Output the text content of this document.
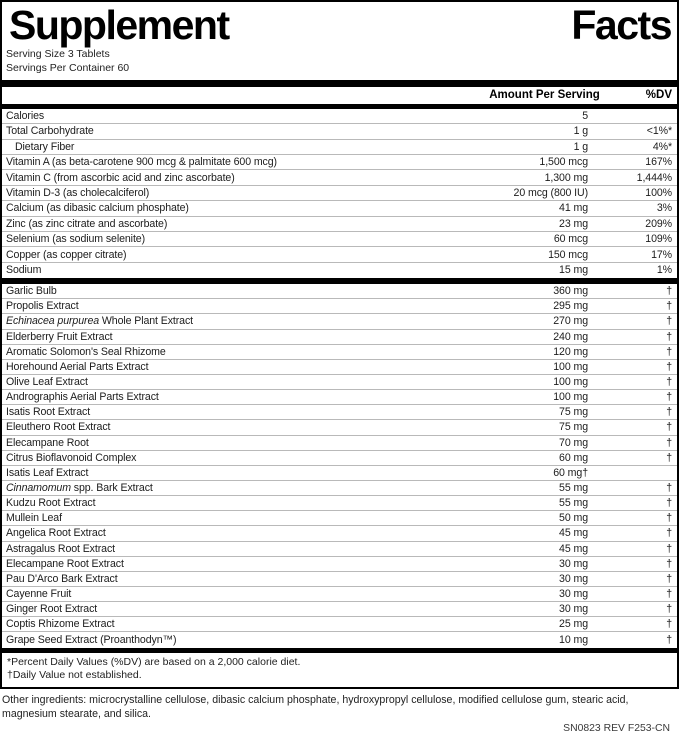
Supplement	Facts
Serving Size 3 Tablets
Servings Per Container 60
Amount Per Serving	%DV
Calories	5
Total Carbohydrate	1 g	<1%*
Dietary Fiber	1 g	4%*
Vitamin A (as beta-carotene 900 mcg & palmitate 600 mcg)	1,500 mcg	167%
Vitamin C (from ascorbic acid and zinc ascorbate)	1,300 mg	1,444%
Vitamin D-3 (as cholecalciferol)	20 mcg (800 IU)	100%
Calcium (as dibasic calcium phosphate)	41 mg	3%
Zinc (as zinc citrate and ascorbate)	23 mg	209%
Selenium (as sodium selenite)	60 mcg	109%
Copper (as copper citrate)	150 mcg	17%
Sodium	15 mg	1%
Garlic Bulb	360 mg	†
Propolis Extract	295 mg	†
Echinacea purpurea Whole Plant Extract	270 mg	†
Elderberry Fruit Extract	240 mg	†
Aromatic Solomon's Seal Rhizome	120 mg	†
Horehound Aerial Parts Extract	100 mg	†
Olive Leaf Extract	100 mg	†
Andrographis Aerial Parts Extract	100 mg	†
Isatis Root Extract	75 mg	†
Eleuthero Root Extract	75 mg	†
Elecampane Root	70 mg	†
Citrus Bioflavonoid Complex	60 mg	†
Isatis Leaf Extract	60 mg†
Cinnamomum spp. Bark Extract	55 mg	†
Kudzu Root Extract	55 mg	†
Mullein Leaf	50 mg	†
Angelica Root Extract	45 mg	†
Astragalus Root Extract	45 mg	†
Elecampane Root Extract	30 mg	†
Pau D'Arco Bark Extract	30 mg	†
Cayenne Fruit	30 mg	†
Ginger Root Extract	30 mg	†
Coptis Rhizome Extract	25 mg	†
Grape Seed Extract (Proanthodyn™)	10 mg	†
*Percent Daily Values (%DV) are based on a 2,000 calorie diet.
†Daily Value not established.
Other ingredients: microcrystalline cellulose, dibasic calcium phosphate, hydroxypropyl cellulose, modified cellulose gum, stearic acid, magnesium stearate, and silica.
SN0823 REV F253-CN
